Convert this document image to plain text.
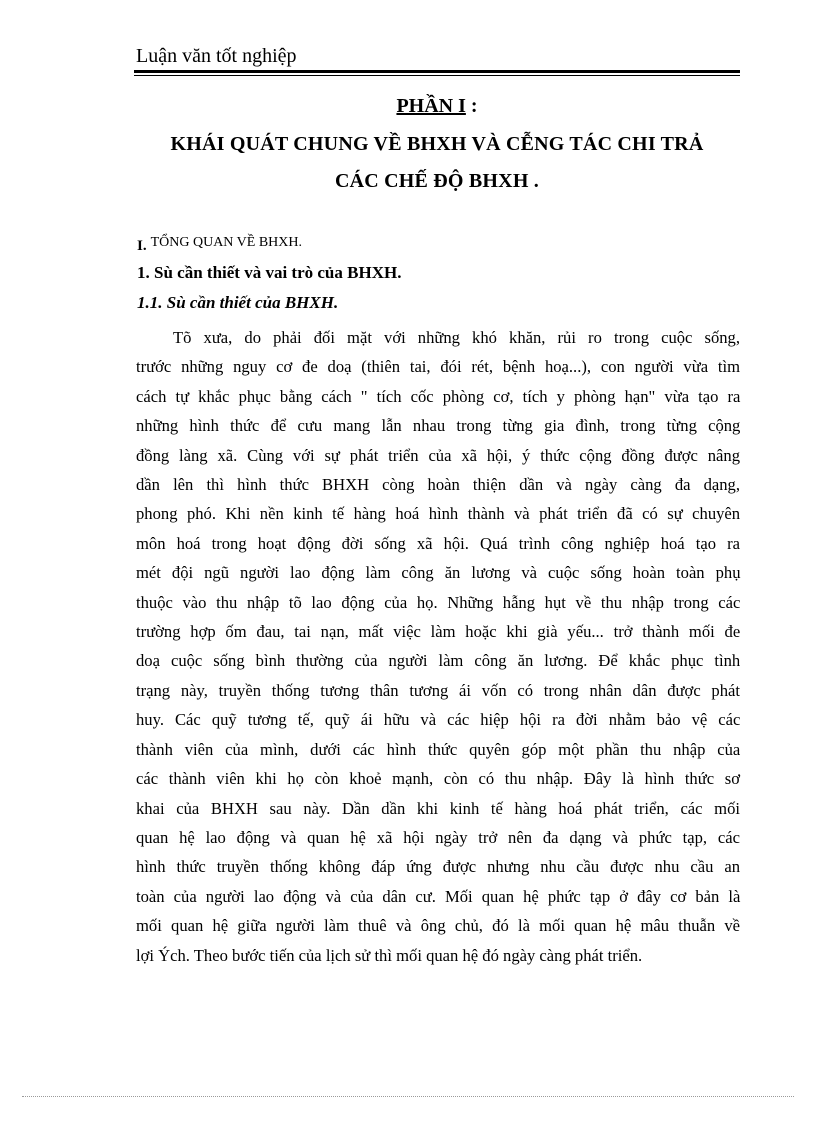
Luận văn tốt nghiệp
PHẦN I :
KHÁI QUÁT CHUNG VỀ BHXH VÀ CỄNG TÁC CHI TRẢ
CÁC CHẾ ĐỘ BHXH .
I. TỔNG QUAN VỀ BHXH.
1. Sù cần thiết và vai trò của BHXH.
1.1. Sù cần thiết của BHXH.
Tõ xưa, do phải đối mặt với những khó khăn, rủi ro trong cuộc sống,
trước những nguy cơ đe doạ (thiên tai, đói rét, bệnh hoạ...), con người vừa tìm
cách tự khắc phục bằng cách " tích cốc phòng cơ, tích y phòng hạn" vừa tạo ra
những hình thức để cưu mang lẫn nhau trong từng gia đình, trong từng cộng
đồng làng xã. Cùng với sự phát triển của xã hội, ý thức cộng đồng được nâng
dần lên thì hình thức BHXH còng hoàn thiện dần và ngày càng đa dạng,
phong phó. Khi nền kinh tế hàng hoá hình thành và phát triển đã có sự chuyên
môn hoá trong hoạt động đời sống xã hội. Quá trình công nghiệp hoá tạo ra
mét đội ngũ người lao động làm công ăn lương và cuộc sống hoàn toàn phụ
thuộc vào thu nhập tõ lao động của họ. Những hẫng hụt về thu nhập trong các
trường hợp ốm đau, tai nạn, mất việc làm hoặc khi già yếu... trở thành mối đe
doạ cuộc sống bình thường của người làm công ăn lương. Để khắc phục tình
trạng này, truyền thống tương thân tương ái vốn có trong nhân dân được phát
huy. Các quỹ tương tế, quỹ ái hữu và các hiệp hội ra đời nhằm bảo vệ các
thành viên của mình, dưới các hình thức quyên góp một phần thu nhập của
các thành viên khi họ còn khoẻ mạnh, còn có thu nhập. Đây là hình thức sơ
khai của BHXH sau này. Dần dần khi kinh tế hàng hoá phát triển, các mối
quan hệ lao động và quan hệ xã hội ngày trở nên đa dạng và phức tạp, các
hình thức truyền thống không đáp ứng được nhưng nhu cầu được nhu cầu an
toàn của người lao động và của dân cư. Mối quan hệ phức tạp ở đây cơ bản là
mối quan hệ giữa người làm thuê và ông chủ, đó là mối quan hệ mâu thuẫn về
lợi Ých. Theo bước tiến của lịch sử thì mối quan hệ đó ngày càng phát triển.
